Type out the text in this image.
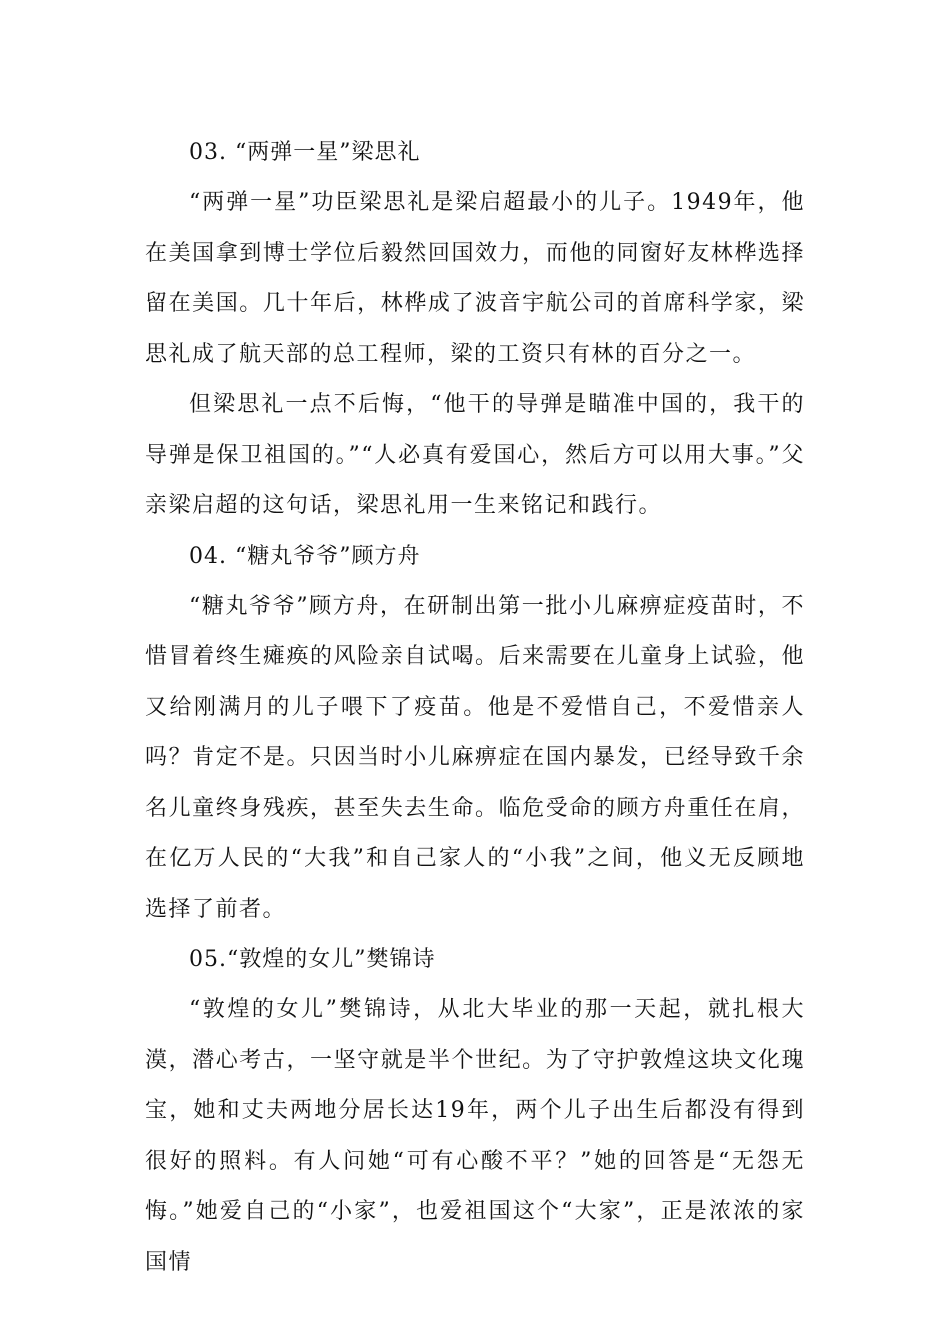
03. “两弹一星”梁思礼

“两弹一星”功臣梁思礼是梁启超最小的儿子。1949年，他在美国拿到博士学位后毅然回国效力，而他的同窗好友林桦选择留在美国。几十年后，林桦成了波音宇航公司的首席科学家，梁思礼成了航天部的总工程师，梁的工资只有林的百分之一。

但梁思礼一点不后悔，“他干的导弹是瞄准中国的，我干的导弹是保卫祖国的。”“人必真有爱国心，然后方可以用大事。”父亲梁启超的这句话，梁思礼用一生来铭记和践行。

04. “糖丸爷爷”顾方舟

“糖丸爷爷”顾方舟，在研制出第一批小儿麻痹症疫苗时，不惜冒着终生瘫痪的风险亲自试喝。后来需要在儿童身上试验，他又给刚满月的儿子喂下了疫苗。他是不爱惜自己，不爱惜亲人吗？肯定不是。只因当时小儿麻痹症在国内暴发，已经导致千余名儿童终身残疾，甚至失去生命。临危受命的顾方舟重任在肩，在亿万人民的“大我”和自己家人的“小我”之间，他义无反顾地选择了前者。

05.“敦煌的女儿”樊锦诗

“敦煌的女儿”樊锦诗，从北大毕业的那一天起，就扎根大漠，潜心考古，一坚守就是半个世纪。为了守护敦煌这块文化瑰宝，她和丈夫两地分居长达19年，两个儿子出生后都没有得到很好的照料。有人问她“可有心酸不平？”她的回答是“无怨无悔。”她爱自己的“小家”，也爱祖国这个“大家”，正是浓浓的家国情
